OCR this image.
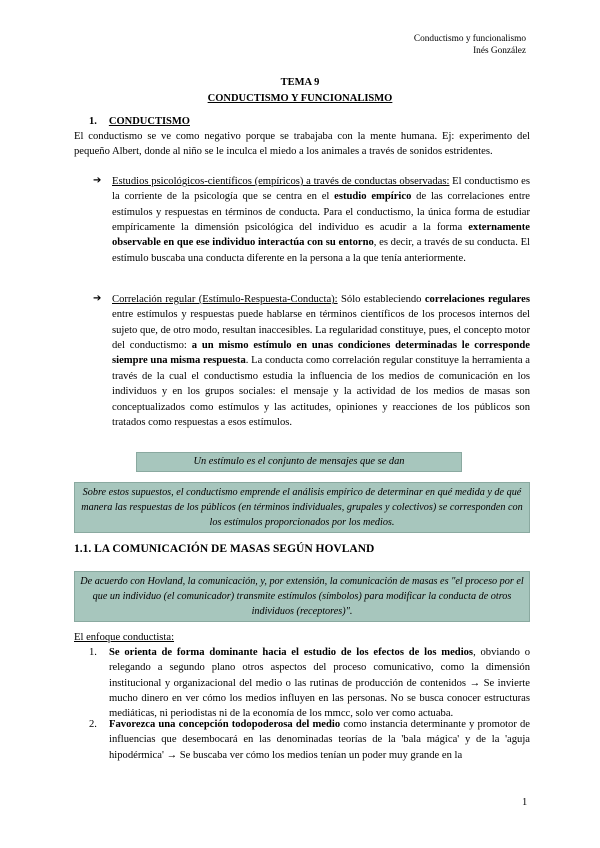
Conductismo y funcionalismo
Inés González
TEMA 9
CONDUCTISMO Y FUNCIONALISMO
1. CONDUCTISMO
El conductismo se ve como negativo porque se trabajaba con la mente humana. Ej: experimento del pequeño Albert, donde al niño se le inculca el miedo a los animales a través de sonidos estridentes.
➔ Estudios psicológicos-científicos (empíricos) a través de conductas observadas: El conductismo es la corriente de la psicología que se centra en el estudio empírico de las correlaciones entre estímulos y respuestas en términos de conducta. Para el conductismo, la única forma de estudiar empíricamente la dimensión psicológica del individuo es acudir a la forma externamente observable en que ese individuo interactúa con su entorno, es decir, a través de su conducta. El estímulo buscaba una conducta diferente en la persona a la que tenía anteriormente.
➔ Correlación regular (Estímulo-Respuesta-Conducta): Sólo estableciendo correlaciones regulares entre estímulos y respuestas puede hablarse en términos científicos de los procesos internos del sujeto que, de otro modo, resultan inaccesibles. La regularidad constituye, pues, el concepto motor del conductismo: a un mismo estímulo en unas condiciones determinadas le corresponde siempre una misma respuesta. La conducta como correlación regular constituye la herramienta a través de la cual el conductismo estudia la influencia de los medios de comunicación en los individuos y en los grupos sociales: el mensaje y la actividad de los medios de masas son conceptualizados como estímulos y las actitudes, opiniones y reacciones de los públicos son tratados como respuestas a esos estímulos.
Un estímulo es el conjunto de mensajes que se dan
Sobre estos supuestos, el conductismo emprende el análisis empírico de determinar en qué medida y de qué manera las respuestas de los públicos (en términos individuales, grupales y colectivos) se corresponden con los estímulos proporcionados por los medios.
1.1. LA COMUNICACIÓN DE MASAS SEGÚN HOVLAND
De acuerdo con Hovland, la comunicación, y, por extensión, la comunicación de masas es "el proceso por el que un individuo (el comunicador) transmite estímulos (símbolos) para modificar la conducta de otros individuos (receptores)".
El enfoque conductista:
1. Se orienta de forma dominante hacia el estudio de los efectos de los medios, obviando o relegando a segundo plano otros aspectos del proceso comunicativo, como la dimensión institucional y organizacional del medio o las rutinas de producción de contenidos → Se invierte mucho dinero en ver cómo los medios influyen en las personas. No se busca conocer estructuras mediáticas, ni periodistas ni de la economía de los mmcc, solo ver como actuaba.
2. Favorezca una concepción todopoderosa del medio como instancia determinante y promotor de influencias que desembocará en las denominadas teorías de la 'bala mágica' y de la 'aguja hipodérmica' → Se buscaba ver cómo los medios tenían un poder muy grande en la
1
